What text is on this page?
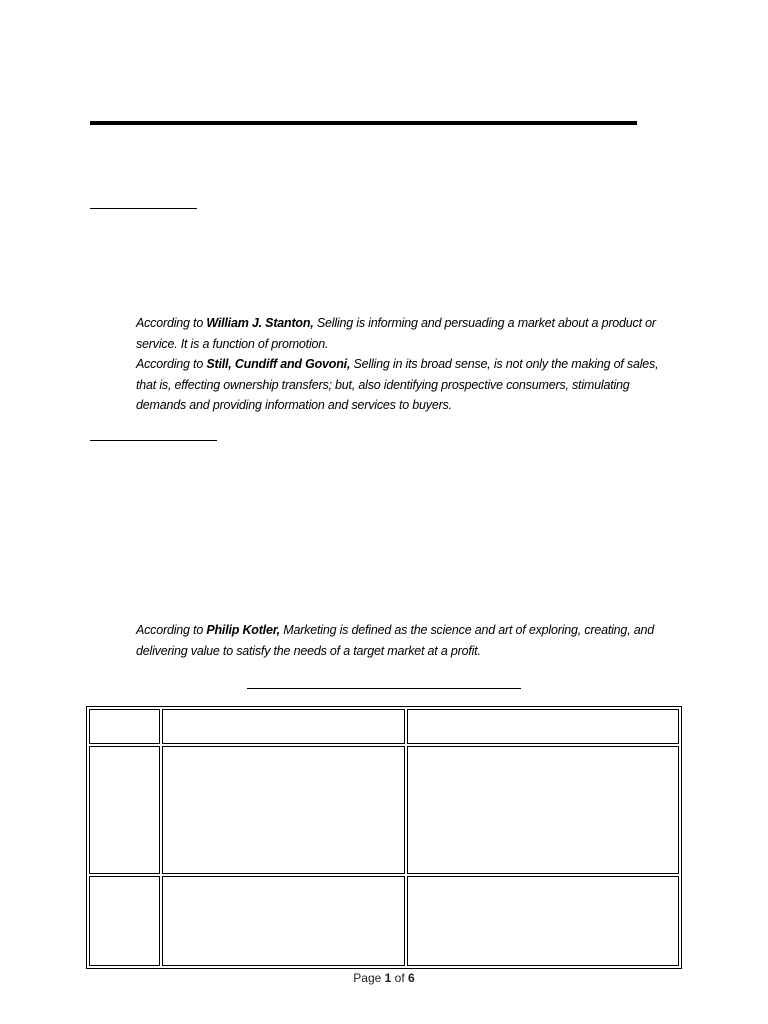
According to William J. Stanton, Selling is informing and persuading a market about a product or
service. It is a function of promotion.
According to Still, Cundiff and Govoni, Selling in its broad sense, is not only the making of sales,
that is, effecting ownership transfers; but, also identifying prospective consumers, stimulating
demands and providing information and services to buyers.

According to Philip Kotler, Marketing is defined as the science and art of exploring, creating, and
delivering value to satisfy the needs of a target market at a profit.

Page 1 of 6
